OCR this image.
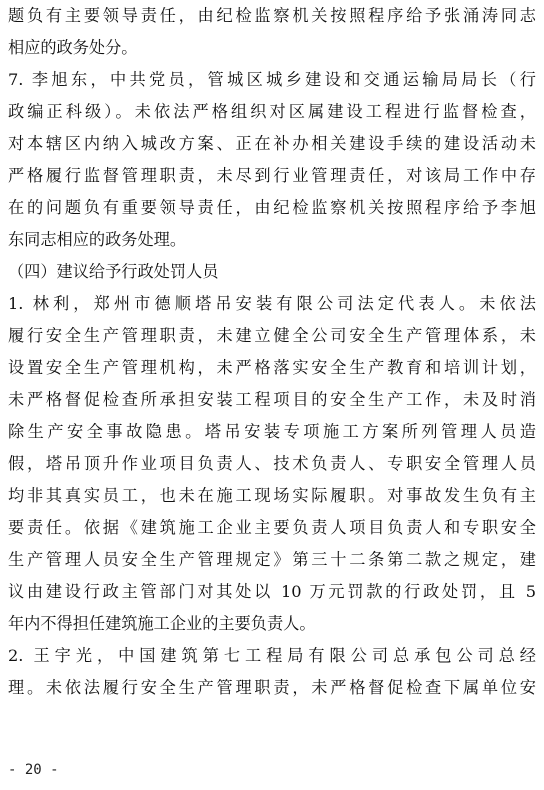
题负有主要领导责任，由纪检监察机关按照程序给予张涌涛同志
相应的政务处分。
7. 李旭东，中共党员，管城区城乡建设和交通运输局局长（行
政编正科级）。未依法严格组织对区属建设工程进行监督检查，
对本辖区内纳入城改方案、正在补办相关建设手续的建设活动未
严格履行监督管理职责，未尽到行业管理责任，对该局工作中存
在的问题负有重要领导责任，由纪检监察机关按照程序给予李旭
东同志相应的政务处理。
（四）建议给予行政处罚人员
1. 林利，郑州市德顺塔吊安装有限公司法定代表人。未依法
履行安全生产管理职责，未建立健全公司安全生产管理体系，未
设置安全生产管理机构，未严格落实安全生产教育和培训计划，
未严格督促检查所承担安装工程项目的安全生产工作，未及时消
除生产安全事故隐患。塔吊安装专项施工方案所列管理人员造
假，塔吊顶升作业项目负责人、技术负责人、专职安全管理人员
均非其真实员工，也未在施工现场实际履职。对事故发生负有主
要责任。依据《建筑施工企业主要负责人项目负责人和专职安全
生产管理人员安全生产管理规定》第三十二条第二款之规定，建
议由建设行政主管部门对其处以 10 万元罚款的行政处罚，且 5
年内不得担任建筑施工企业的主要负责人。
2. 王宇光，中国建筑第七工程局有限公司总承包公司总经
理。未依法履行安全生产管理职责，未严格督促检查下属单位安
- 20 -
